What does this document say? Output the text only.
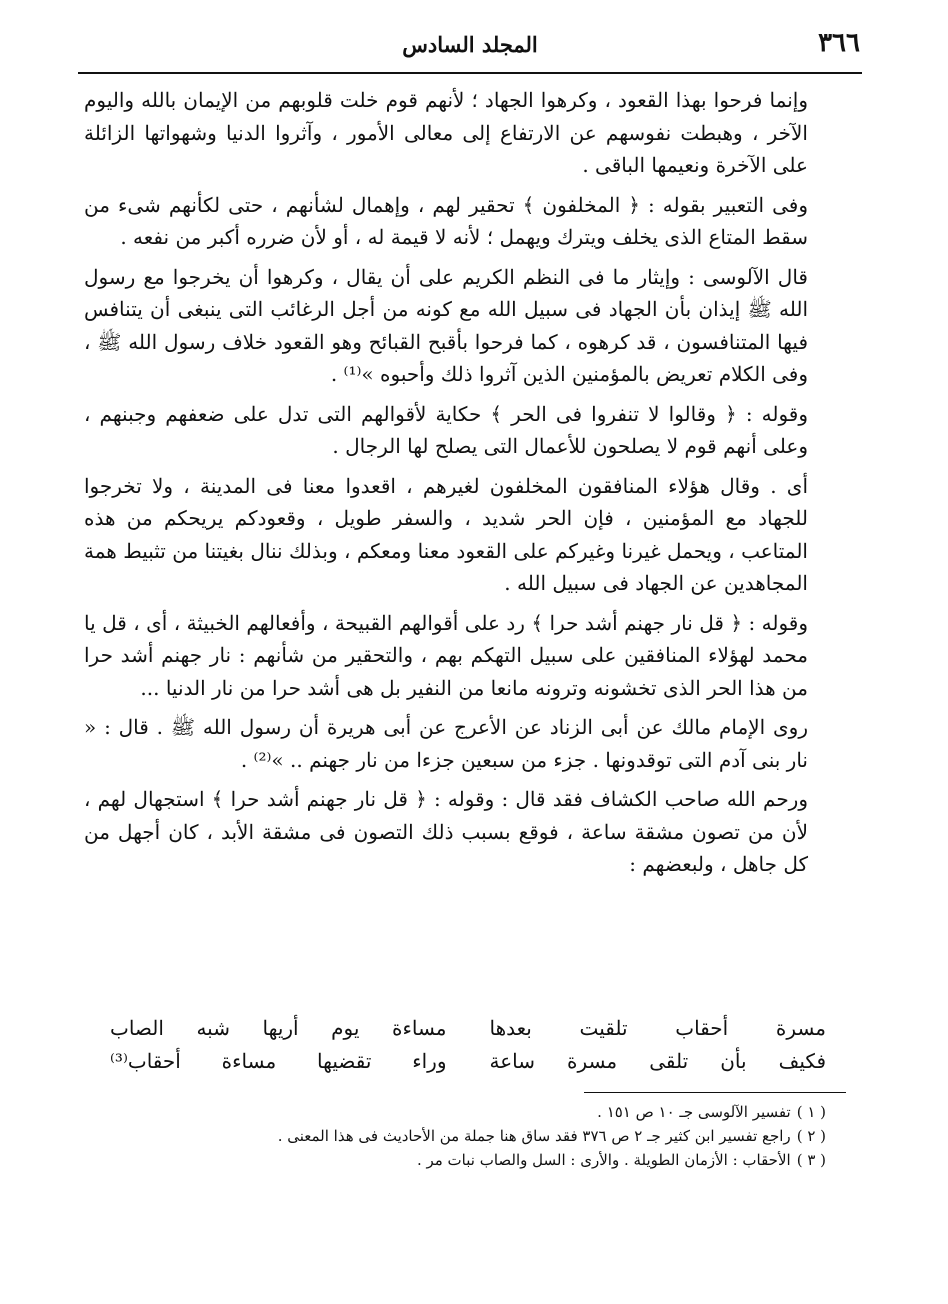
٣٦٦
المجلد السادس

وإنما فرحوا بهذا القعود ، وكرهوا الجهاد ؛ لأنهم قوم خلت قلوبهم من الإيمان بالله واليوم الآخر ، وهبطت نفوسهم عن الارتفاع إلى معالى الأمور ، وآثروا الدنيا وشهواتها الزائلة على الآخرة ونعيمها الباقى .

وفى التعبير بقوله : ﴿ المخلفون ﴾ تحقير لهم ، وإهمال لشأنهم ، حتى لكأنهم شىء من سقط المتاع الذى يخلف ويترك ويهمل ؛ لأنه لا قيمة له ، أو لأن ضرره أكبر من نفعه .

قال الآلوسى : وإيثار ما فى النظم الكريم على أن يقال ، وكرهوا أن يخرجوا مع رسول الله ﷺ إيذان بأن الجهاد فى سبيل الله مع كونه من أجل الرغائب التى ينبغى أن يتنافس فيها المتنافسون ، قد كرهوه ، كما فرحوا بأقبح القبائح وهو القعود خلاف رسول الله ﷺ ، وفى الكلام تعريض بالمؤمنين الذين آثروا ذلك وأحبوه »⁽¹⁾ .

وقوله : ﴿ وقالوا لا تنفروا فى الحر ﴾ حكاية لأقوالهم التى تدل على ضعفهم وجبنهم ، وعلى أنهم قوم لا يصلحون للأعمال التى يصلح لها الرجال .

أى . وقال هؤلاء المنافقون المخلفون لغيرهم ، اقعدوا معنا فى المدينة ، ولا تخرجوا للجهاد مع المؤمنين ، فإن الحر شديد ، والسفر طويل ، وقعودكم يريحكم من هذه المتاعب ، ويحمل غيرنا وغيركم على القعود معنا ومعكم ، وبذلك ننال بغيتنا من تثبيط همة المجاهدين عن الجهاد فى سبيل الله .

وقوله : ﴿ قل نار جهنم أشد حرا ﴾ رد على أقوالهم القبيحة ، وأفعالهم الخبيثة ، أى ، قل يا محمد لهؤلاء المنافقين على سبيل التهكم بهم ، والتحقير من شأنهم : نار جهنم أشد حرا من هذا الحر الذى تخشونه وترونه مانعا من النفير بل هى أشد حرا من نار الدنيا ...

روى الإمام مالك عن أبى الزناد عن الأعرج عن أبى هريرة أن رسول الله ﷺ . قال : « نار بنى آدم التى توقدونها . جزء من سبعين جزءا من نار جهنم .. »⁽²⁾ .

ورحم الله صاحب الكشاف فقد قال : وقوله : ﴿ قل نار جهنم أشد حرا ﴾ استجهال لهم ، لأن من تصون مشقة ساعة ، فوقع بسبب ذلك التصون فى مشقة الأبد ، كان أجهل من كل جاهل ، ولبعضهم :

مسرة أحقاب تلقيت بعدها
مساءة يوم أريها شبه الصاب
فكيف بأن تلقى مسرة ساعة
وراء تقضيها مساءة أحقاب⁽³⁾

( ١ )تفسير الآلوسى جـ ١٠ ص ١٥١ .

( ٢ )راجع تفسير ابن كثير جـ ٢ ص ٣٧٦ فقد ساق هنا جملة من الأحاديث فى هذا المعنى .

( ٣ )الأحقاب : الأزمان الطويلة . والأرى : السل والصاب نبات مر .
